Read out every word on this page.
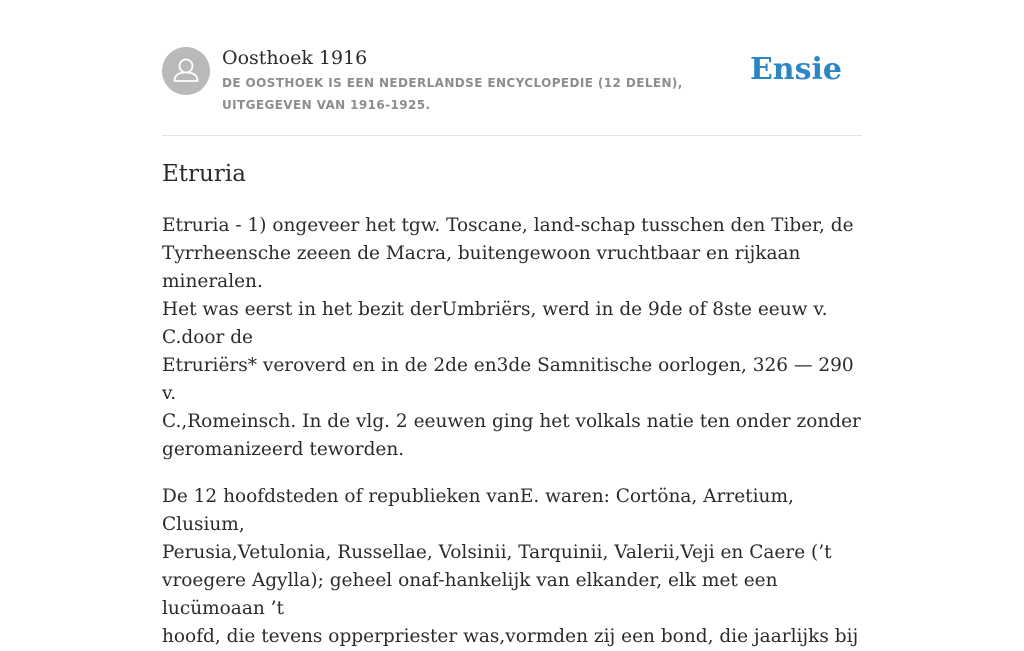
Oosthoek 1916
DE OOSTHOEK IS EEN NEDERLANDSE ENCYCLOPEDIE (12 DELEN), UITGEGEVEN VAN 1916-1925.
Ensie
Etruria

Etruria - 1) ongeveer het tgw. Toscane, land-schap tusschen den Tiber, de
Tyrrheensche zeeen de Macra, buitengewoon vruchtbaar en rijkaan mineralen.
Het was eerst in het bezit derUmbriërs, werd in de 9de of 8ste eeuw v. C.door de
Etruriërs* veroverd en in de 2de en3de Samnitische oorlogen, 326 — 290 v.
C.,Romeinsch. In de vlg. 2 eeuwen ging het volkals natie ten onder zonder
geromanizeerd teworden.

De 12 hoofdsteden of republieken vanE. waren: Cortöna, Arretium, Clusium,
Perusia,Vetulonia, Russellae, Volsinii, Tarquinii, Valerii,Veji en Caere (’t
vroegere Agylla); geheel onaf-hankelijk van elkander, elk met een lucümoaan ’t
hoofd, die tevens opperpriester was,vormden zij een bond, die jaarlijks bij
